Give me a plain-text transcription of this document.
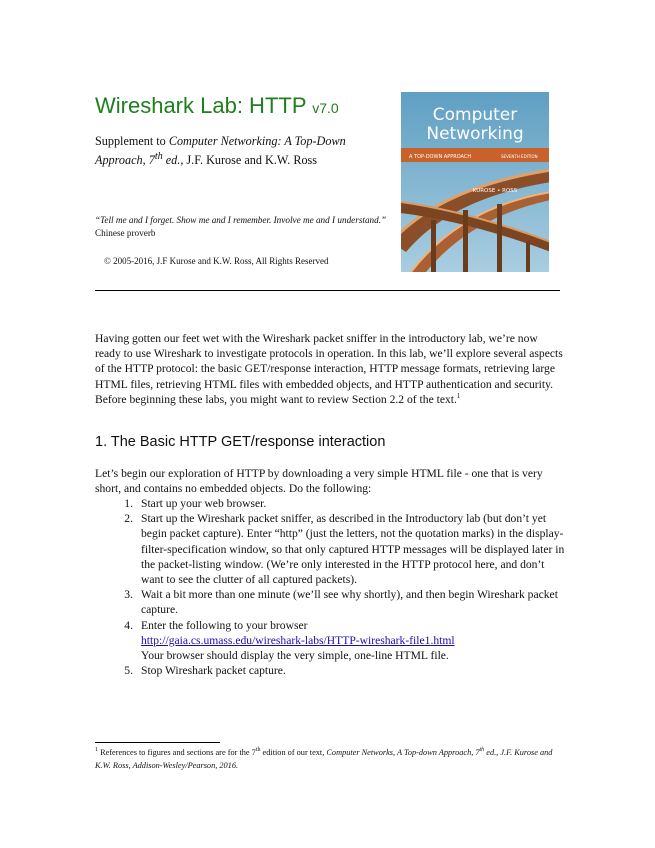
Wireshark Lab: HTTP v7.0

Supplement to Computer Networking: A Top-Down Approach, 7th ed., J.F. Kurose and K.W. Ross

“Tell me and I forget. Show me and I remember. Involve me and I understand.” Chinese proverb

© 2005-2016, J.F Kurose and K.W. Ross, All Rights Reserved

Computer
Networking
A TOP-DOWN APPROACH	SEVENTH EDITION
KUROSE • ROSS

Having gotten our feet wet with the Wireshark packet sniffer in the introductory lab, we’re now ready to use Wireshark to investigate protocols in operation. In this lab, we’ll explore several aspects of the HTTP protocol: the basic GET/response interaction, HTTP message formats, retrieving large HTML files, retrieving HTML files with embedded objects, and HTTP authentication and security. Before beginning these labs, you might want to review Section 2.2 of the text.$^1$

1. The Basic HTTP GET/response interaction

Let’s begin our exploration of HTTP by downloading a very simple HTML file - one that is very short, and contains no embedded objects. Do the following:

1. Start up your web browser.
2. Start up the Wireshark packet sniffer, as described in the Introductory lab (but don’t yet begin packet capture). Enter “http” (just the letters, not the quotation marks) in the display-filter-specification window, so that only captured HTTP messages will be displayed later in the packet-listing window. (We’re only interested in the HTTP protocol here, and don’t want to see the clutter of all captured packets).
3. Wait a bit more than one minute (we’ll see why shortly), and then begin Wireshark packet capture.
4. Enter the following to your browser
http://gaia.cs.umass.edu/wireshark-labs/HTTP-wireshark-file1.html
Your browser should display the very simple, one-line HTML file.
5. Stop Wireshark packet capture.

$^1$ References to figures and sections are for the 7th edition of our text, Computer Networks, A Top-down Approach, 7th ed., J.F. Kurose and K.W. Ross, Addison-Wesley/Pearson, 2016.
